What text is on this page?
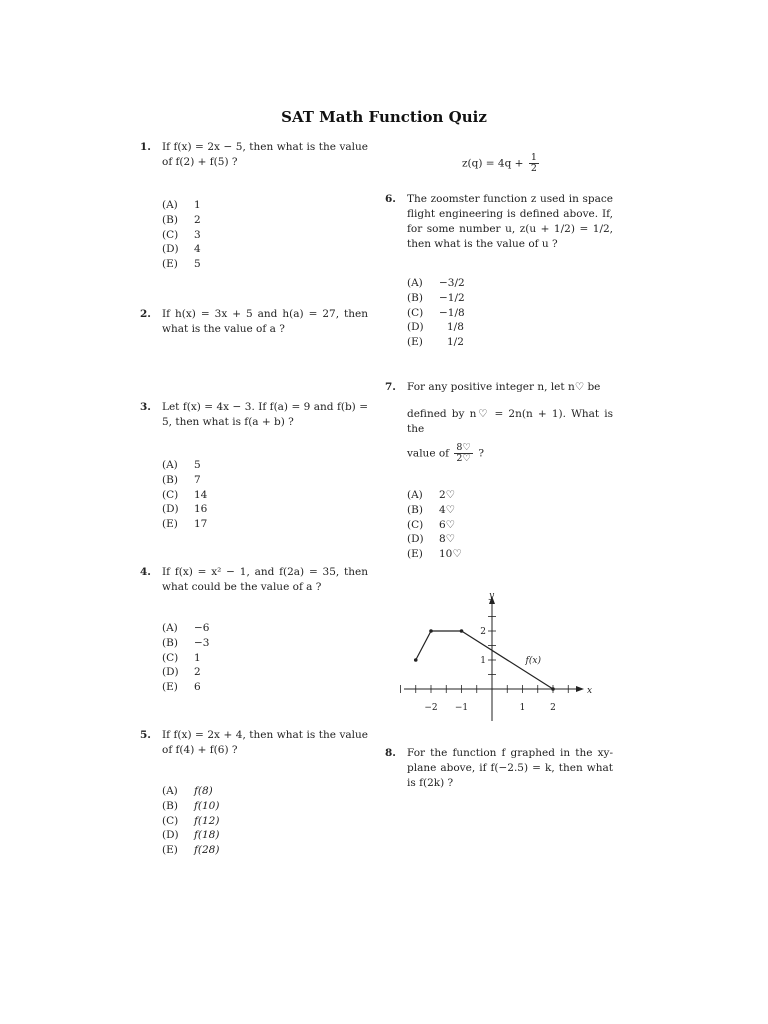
SAT Math Function Quiz
1. If f(x) = 2x − 5, then what is the value of f(2) + f(5) ?
(A)	1
(B)	2
(C)	3
(D)	4
(E)	5
2. If h(x) = 3x + 5 and h(a) = 27, then what is the value of a ?
3. Let f(x) = 4x − 3. If f(a) = 9 and f(b) = 5, then what is f(a + b) ?
(A)	5
(B)	7
(C)	14
(D)	16
(E)	17
4. If f(x) = x² − 1, and f(2a) = 35, then what could be the value of a ?
(A)	−6
(B)	−3
(C)	1
(D)	2
(E)	6
5. If f(x) = 2x + 4, then what is the value of f(4) + f(6) ?
(A)	f(8)
(B)	f(10)
(C)	f(12)
(D)	f(18)
(E)	f(28)
$z(q) = 4q + \frac{1}{2}$
6. The zoomster function z used in space flight engineering is defined above. If, for some number u, z(u + 1/2) = 1/2, then what is the value of u ?
(A)	−3/2
(B)	−1/2
(C)	−1/8
(D)	1/8
(E)	1/2
7. For any positive integer n, let n♡ be
defined by n♡ = 2n(n + 1). What is the
value of $\frac{8♡}{2♡}$ ?
(A)	2♡
(B)	4♡
(C)	6♡
(D)	8♡
(E)	10♡
−2 −1	1	2
1
2
x
y
f(x)
8. For the function f graphed in the xy-plane above, if f(−2.5) = k, then what is f(2k) ?
